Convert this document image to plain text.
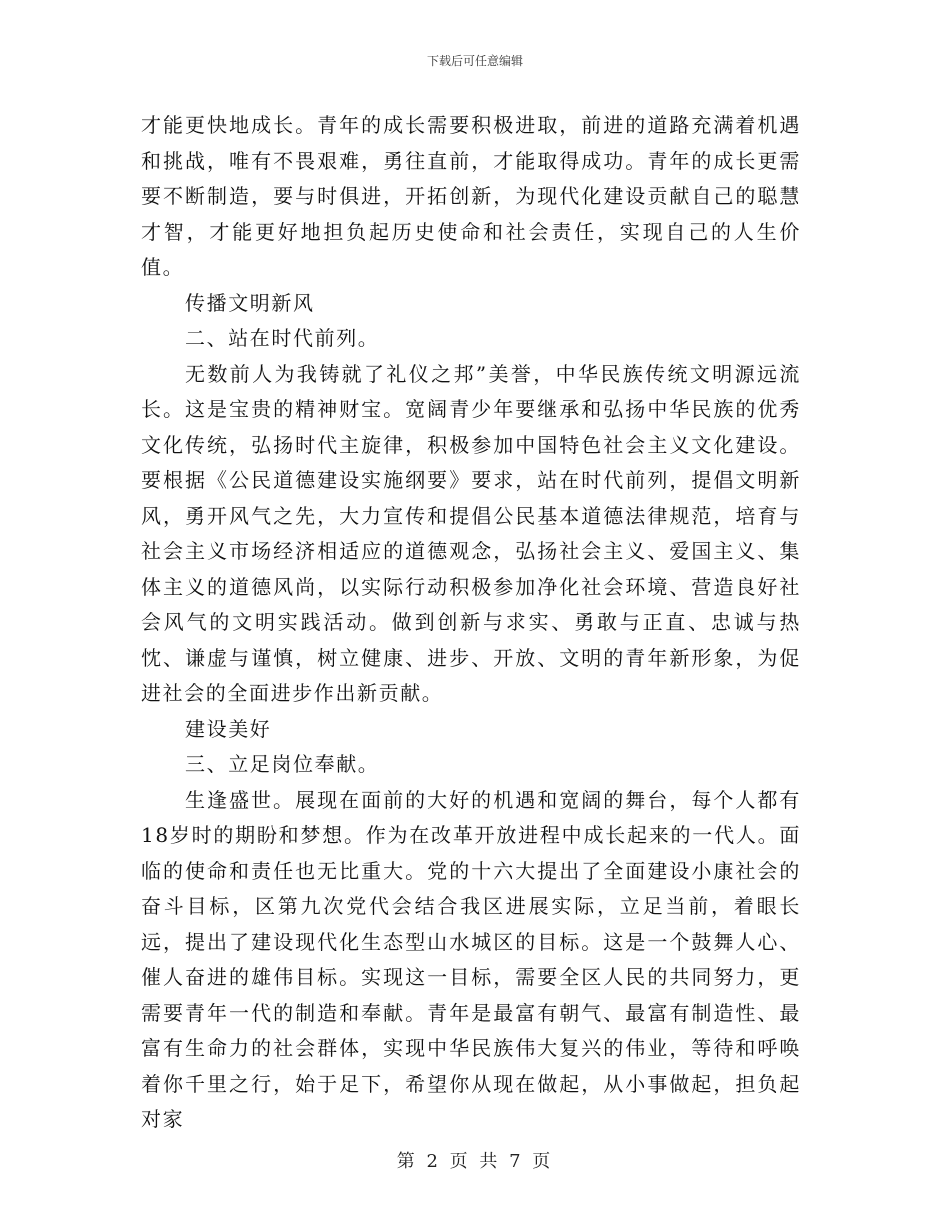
下载后可任意编辑

才能更快地成长。青年的成长需要积极进取，前进的道路充满着机遇和挑战，唯有不畏艰难，勇往直前，才能取得成功。青年的成长更需要不断制造，要与时俱进，开拓创新，为现代化建设贡献自己的聪慧才智，才能更好地担负起历史使命和社会责任，实现自己的人生价值。

传播文明新风

二、站在时代前列。

无数前人为我铸就了礼仪之邦”美誉，中华民族传统文明源远流长。这是宝贵的精神财宝。宽阔青少年要继承和弘扬中华民族的优秀文化传统，弘扬时代主旋律，积极参加中国特色社会主义文化建设。要根据《公民道德建设实施纲要》要求，站在时代前列，提倡文明新风，勇开风气之先，大力宣传和提倡公民基本道德法律规范，培育与社会主义市场经济相适应的道德观念，弘扬社会主义、爱国主义、集体主义的道德风尚，以实际行动积极参加净化社会环境、营造良好社会风气的文明实践活动。做到创新与求实、勇敢与正直、忠诚与热忱、谦虚与谨慎，树立健康、进步、开放、文明的青年新形象，为促进社会的全面进步作出新贡献。

建设美好

三、立足岗位奉献。

生逢盛世。展现在面前的大好的机遇和宽阔的舞台，每个人都有18岁时的期盼和梦想。作为在改革开放进程中成长起来的一代人。面临的使命和责任也无比重大。党的十六大提出了全面建设小康社会的奋斗目标，区第九次党代会结合我区进展实际，立足当前，着眼长远，提出了建设现代化生态型山水城区的目标。这是一个鼓舞人心、催人奋进的雄伟目标。实现这一目标，需要全区人民的共同努力，更需要青年一代的制造和奉献。青年是最富有朝气、最富有制造性、最富有生命力的社会群体，实现中华民族伟大复兴的伟业，等待和呼唤着你千里之行，始于足下，希望你从现在做起，从小事做起，担负起对家

第 2 页 共 7 页
